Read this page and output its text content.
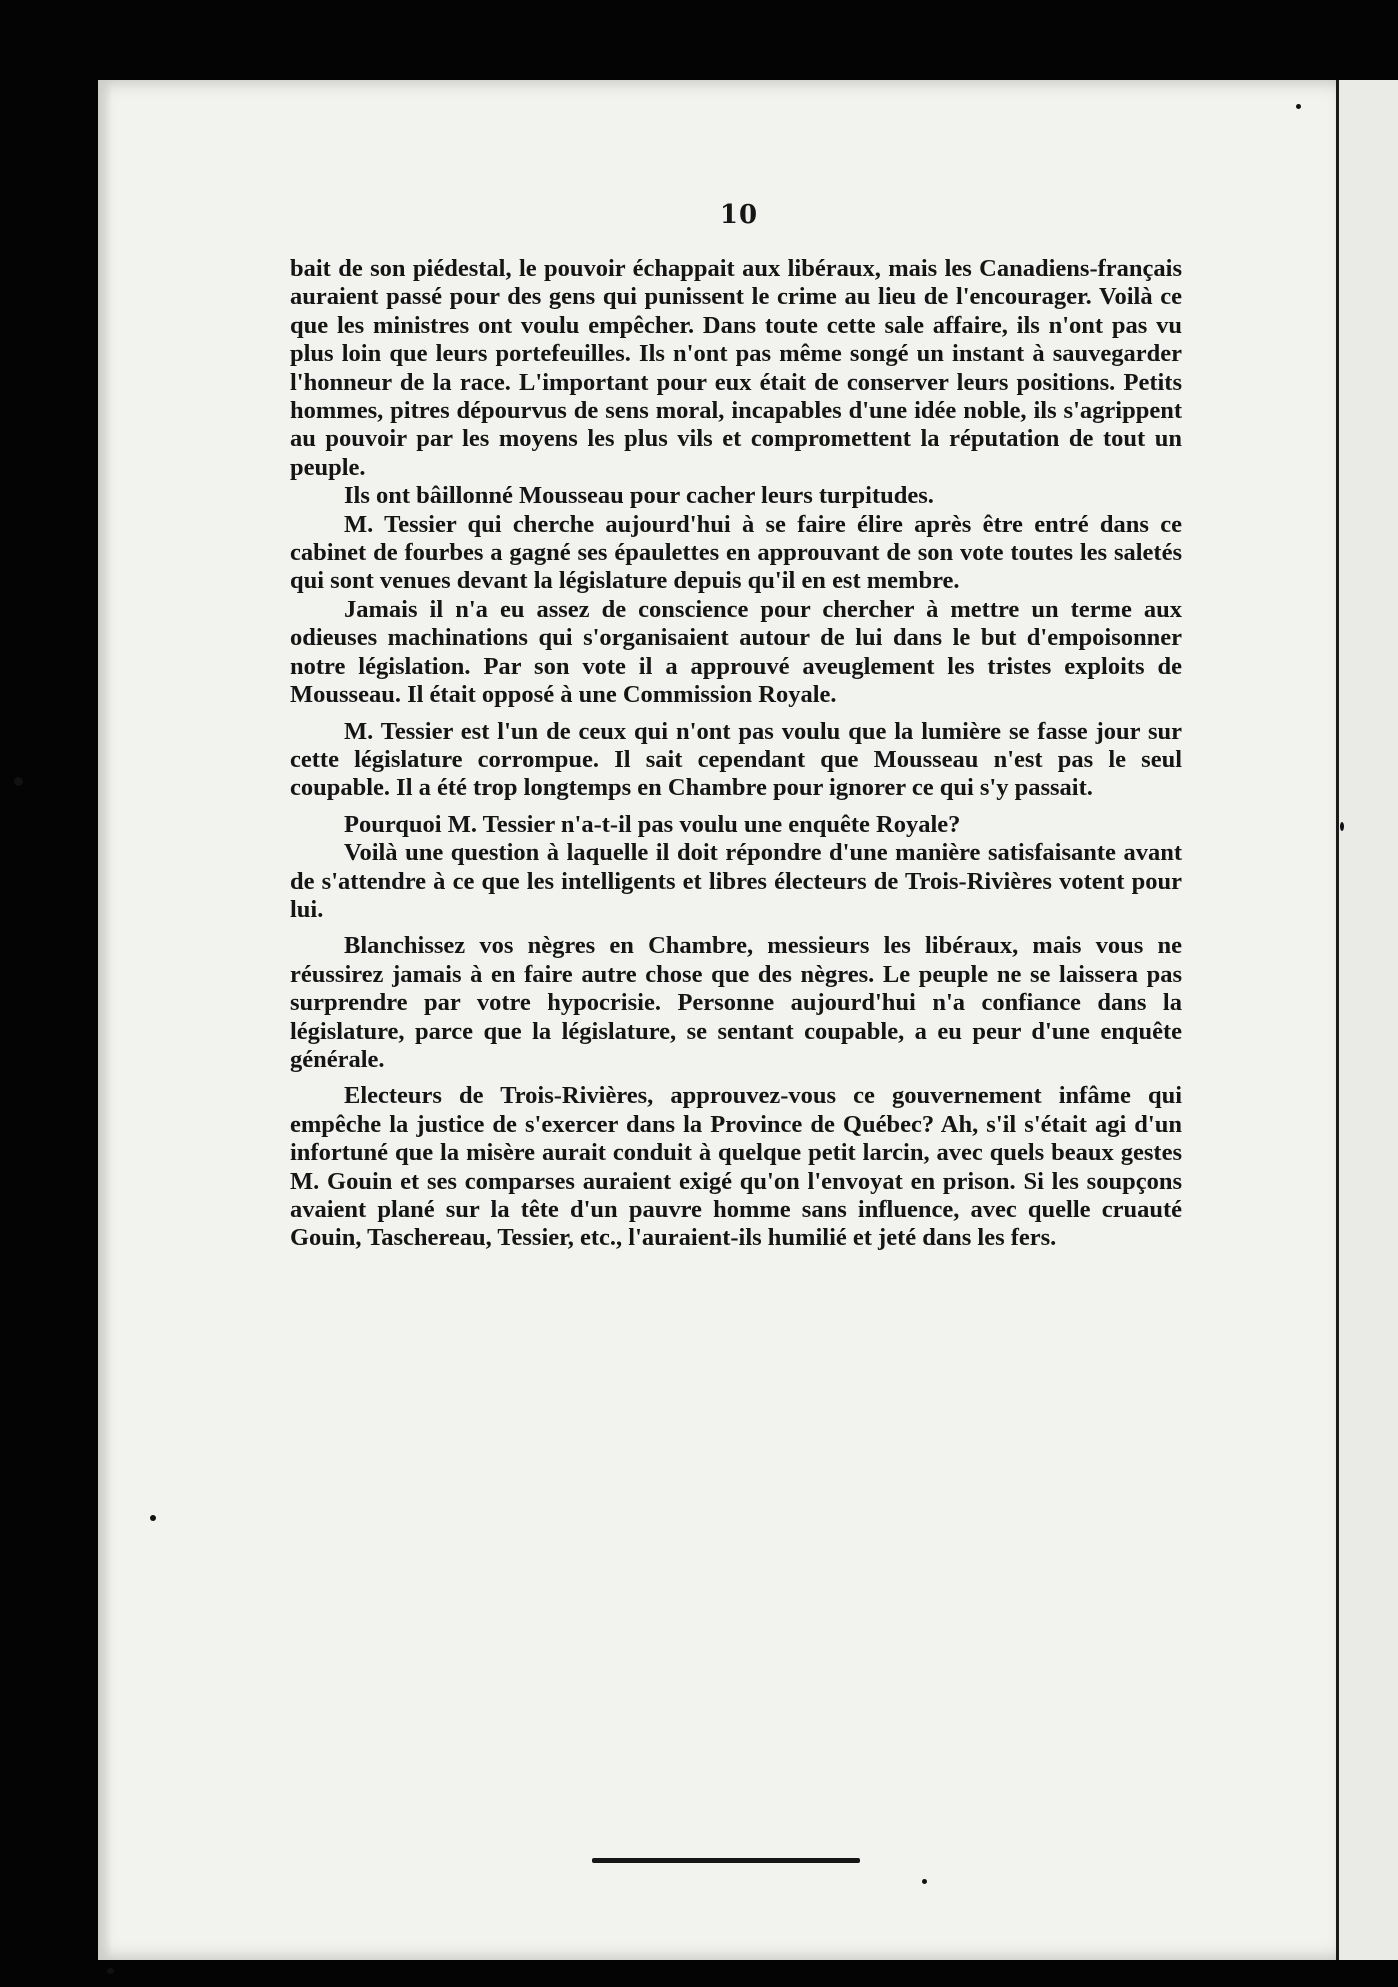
10

bait de son piédestal, le pouvoir échappait aux libéraux, mais les Canadiens-français auraient passé pour des gens qui punissent le crime au lieu de l'encourager. Voilà ce que les ministres ont voulu empêcher. Dans toute cette sale affaire, ils n'ont pas vu plus loin que leurs portefeuilles. Ils n'ont pas même songé un instant à sauvegarder l'honneur de la race. L'important pour eux était de conserver leurs positions. Petits hommes, pitres dépourvus de sens moral, incapables d'une idée noble, ils s'agrippent au pouvoir par les moyens les plus vils et compromettent la réputation de tout un peuple.

Ils ont bâillonné Mousseau pour cacher leurs turpitudes.

M. Tessier qui cherche aujourd'hui à se faire élire après être entré dans ce cabinet de fourbes a gagné ses épaulettes en approuvant de son vote toutes les saletés qui sont venues devant la législature depuis qu'il en est membre.

Jamais il n'a eu assez de conscience pour chercher à mettre un terme aux odieuses machinations qui s'organisaient autour de lui dans le but d'empoisonner notre législation. Par son vote il a approuvé aveuglement les tristes exploits de Mousseau. Il était opposé à une Commission Royale.

M. Tessier est l'un de ceux qui n'ont pas voulu que la lumière se fasse jour sur cette législature corrompue. Il sait cependant que Mousseau n'est pas le seul coupable. Il a été trop longtemps en Chambre pour ignorer ce qui s'y passait.

Pourquoi M. Tessier n'a-t-il pas voulu une enquête Royale?

Voilà une question à laquelle il doit répondre d'une manière satisfaisante avant de s'attendre à ce que les intelligents et libres électeurs de Trois-Rivières votent pour lui.

Blanchissez vos nègres en Chambre, messieurs les libéraux, mais vous ne réussirez jamais à en faire autre chose que des nègres. Le peuple ne se laissera pas surprendre par votre hypocrisie. Personne aujourd'hui n'a confiance dans la législature, parce que la législature, se sentant coupable, a eu peur d'une enquête générale.

Electeurs de Trois-Rivières, approuvez-vous ce gouvernement infâme qui empêche la justice de s'exercer dans la Province de Québec? Ah, s'il s'était agi d'un infortuné que la misère aurait conduit à quelque petit larcin, avec quels beaux gestes M. Gouin et ses comparses auraient exigé qu'on l'envoyat en prison. Si les soupçons avaient plané sur la tête d'un pauvre homme sans influence, avec quelle cruauté Gouin, Taschereau, Tessier, etc., l'auraient-ils humilié et jeté dans les fers.
